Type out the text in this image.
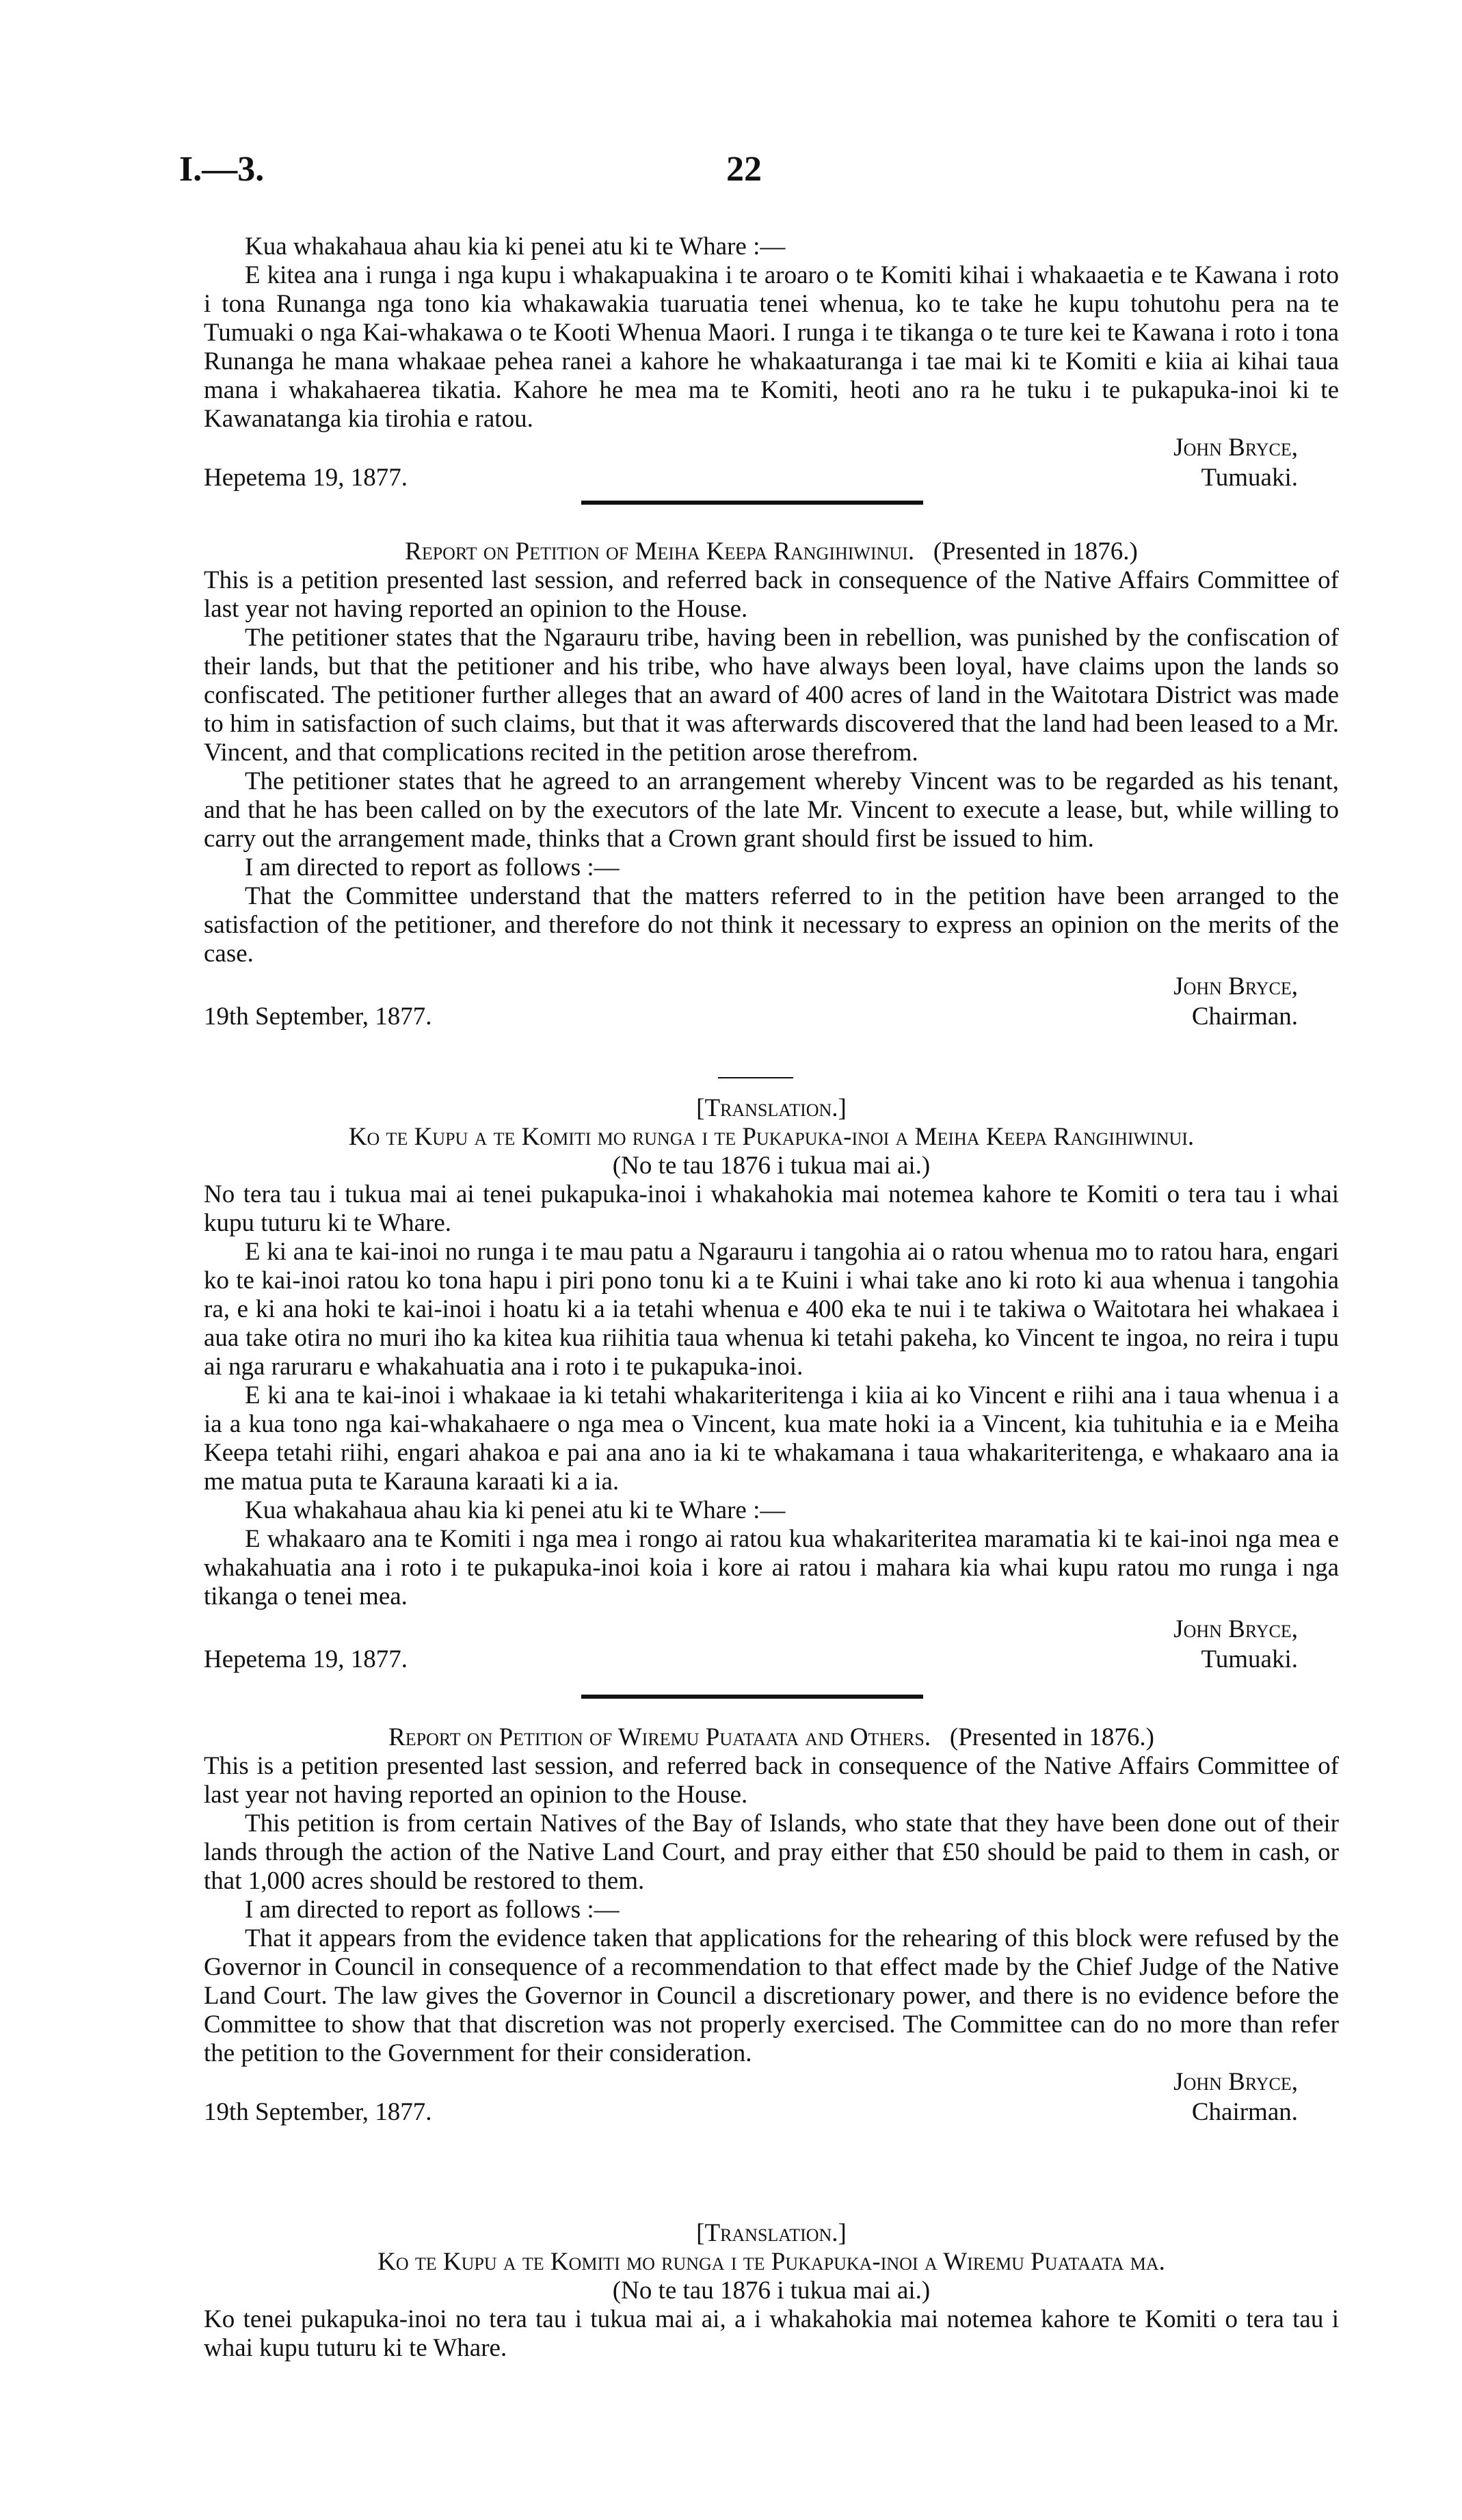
I.—3.	22

Kua whakahaua ahau kia ki penei atu ki te Whare :—

E kitea ana i runga i nga kupu i whakapuakina i te aroaro o te Komiti kihai i whakaaetia e te Kawana i roto i tona Runanga nga tono kia whakawakia tuaruatia tenei whenua, ko te take he kupu tohutohu pera na te Tumuaki o nga Kai-whakawa o te Kooti Whenua Maori. I runga i te tikanga o te ture kei te Kawana i roto i tona Runanga he mana whakaae pehea ranei a kahore he whakaaturanga i tae mai ki te Komiti e kiia ai kihai taua mana i whakahaerea tikatia. Kahore he mea ma te Komiti, heoti ano ra he tuku i te pukapuka-inoi ki te Kawanatanga kia tirohia e ratou.

John Bryce,
Hepetema 19, 1877.	Tumuaki.
Report on Petition of Meiha Keepa Rangihiwinui. (Presented in 1876.)

This is a petition presented last session, and referred back in consequence of the Native Affairs Committee of last year not having reported an opinion to the House.

The petitioner states that the Ngarauru tribe, having been in rebellion, was punished by the confiscation of their lands, but that the petitioner and his tribe, who have always been loyal, have claims upon the lands so confiscated. The petitioner further alleges that an award of 400 acres of land in the Waitotara District was made to him in satisfaction of such claims, but that it was afterwards discovered that the land had been leased to a Mr. Vincent, and that complications recited in the petition arose therefrom.

The petitioner states that he agreed to an arrangement whereby Vincent was to be regarded as his tenant, and that he has been called on by the executors of the late Mr. Vincent to execute a lease, but, while willing to carry out the arrangement made, thinks that a Crown grant should first be issued to him.

I am directed to report as follows :—

That the Committee understand that the matters referred to in the petition have been arranged to the satisfaction of the petitioner, and therefore do not think it necessary to express an opinion on the merits of the case.

John Bryce,
19th September, 1877.	Chairman.
[Translation.]
Ko te Kupu a te Komiti mo runga i te Pukapuka-inoi a Meiha Keepa Rangihiwinui.
(No te tau 1876 i tukua mai ai.)

No tera tau i tukua mai ai tenei pukapuka-inoi i whakahokia mai notemea kahore te Komiti o tera tau i whai kupu tuturu ki te Whare.

E ki ana te kai-inoi no runga i te mau patu a Ngarauru i tangohia ai o ratou whenua mo to ratou hara, engari ko te kai-inoi ratou ko tona hapu i piri pono tonu ki a te Kuini i whai take ano ki roto ki aua whenua i tangohia ra, e ki ana hoki te kai-inoi i hoatu ki a ia tetahi whenua e 400 eka te nui i te takiwa o Waitotara hei whakaea i aua take otira no muri iho ka kitea kua riihitia taua whenua ki tetahi pakeha, ko Vincent te ingoa, no reira i tupu ai nga raruraru e whakahuatia ana i roto i te pukapuka-inoi.

E ki ana te kai-inoi i whakaae ia ki tetahi whakariteritenga i kiia ai ko Vincent e riihi ana i taua whenua i a ia a kua tono nga kai-whakahaere o nga mea o Vincent, kua mate hoki ia a Vincent, kia tuhituhia e ia e Meiha Keepa tetahi riihi, engari ahakoa e pai ana ano ia ki te whakamana i taua whakariteritenga, e whakaaro ana ia me matua puta te Karauna karaati ki a ia.

Kua whakahaua ahau kia ki penei atu ki te Whare :—

E whakaaro ana te Komiti i nga mea i rongo ai ratou kua whakariteritea maramatia ki te kai-inoi nga mea e whakahuatia ana i roto i te pukapuka-inoi koia i kore ai ratou i mahara kia whai kupu ratou mo runga i nga tikanga o tenei mea.

John Bryce,
Hepetema 19, 1877.	Tumuaki.
Report on Petition of Wiremu Puataata and Others. (Presented in 1876.)

This is a petition presented last session, and referred back in consequence of the Native Affairs Committee of last year not having reported an opinion to the House.

This petition is from certain Natives of the Bay of Islands, who state that they have been done out of their lands through the action of the Native Land Court, and pray either that £50 should be paid to them in cash, or that 1,000 acres should be restored to them.

I am directed to report as follows :—

That it appears from the evidence taken that applications for the rehearing of this block were refused by the Governor in Council in consequence of a recommendation to that effect made by the Chief Judge of the Native Land Court. The law gives the Governor in Council a discretionary power, and there is no evidence before the Committee to show that that discretion was not properly exercised. The Committee can do no more than refer the petition to the Government for their consideration.

John Bryce,
19th September, 1877.	Chairman.
[Translation.]
Ko te Kupu a te Komiti mo runga i te Pukapuka-inoi a Wiremu Puataata ma.
(No te tau 1876 i tukua mai ai.)

Ko tenei pukapuka-inoi no tera tau i tukua mai ai, a i whakahokia mai notemea kahore te Komiti o tera tau i whai kupu tuturu ki te Whare.
